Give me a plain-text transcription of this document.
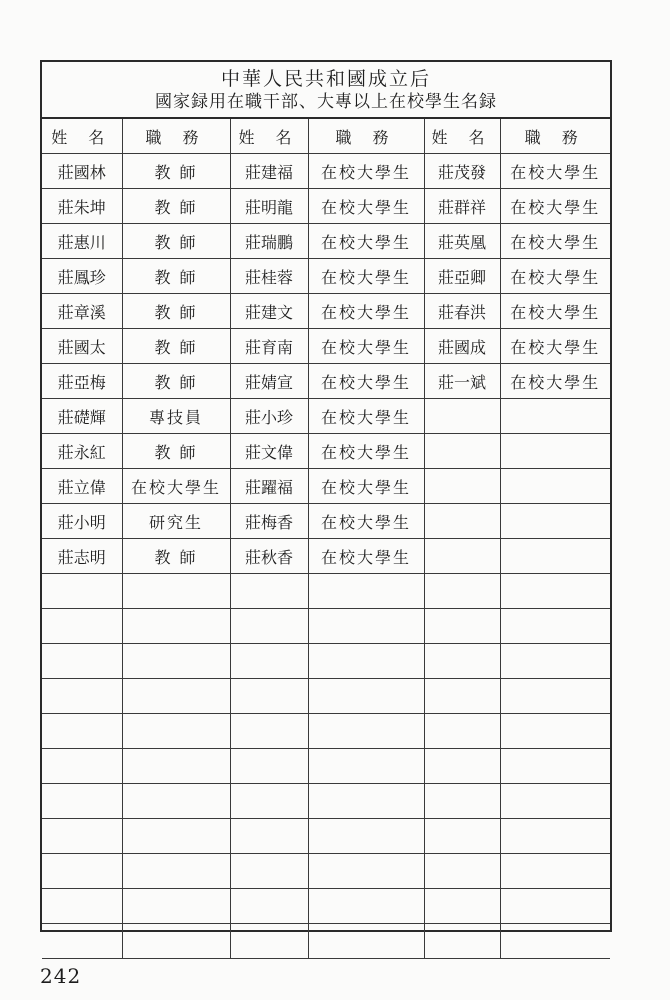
中華人民共和國成立后
國家録用在職干部、大專以上在校學生名録
姓 名	職 務	姓 名	職 務	姓 名	職 務
莊國林	教 師	莊建福	在校大學生	莊茂發	在校大學生
莊朱坤	教 師	莊明龍	在校大學生	莊群祥	在校大學生
莊惠川	教 師	莊瑞鵬	在校大學生	莊英凰	在校大學生
莊鳳珍	教 師	莊桂蓉	在校大學生	莊亞卿	在校大學生
莊章溪	教 師	莊建文	在校大學生	莊春洪	在校大學生
莊國太	教 師	莊育南	在校大學生	莊國成	在校大學生
莊亞梅	教 師	莊婧宣	在校大學生	莊一斌	在校大學生
莊礎輝	專技員	莊小珍	在校大學生		
莊永紅	教 師	莊文偉	在校大學生		
莊立偉	在校大學生	莊躍福	在校大學生		
莊小明	研究生	莊梅香	在校大學生		
莊志明	教 師	莊秋香	在校大學生		

242
